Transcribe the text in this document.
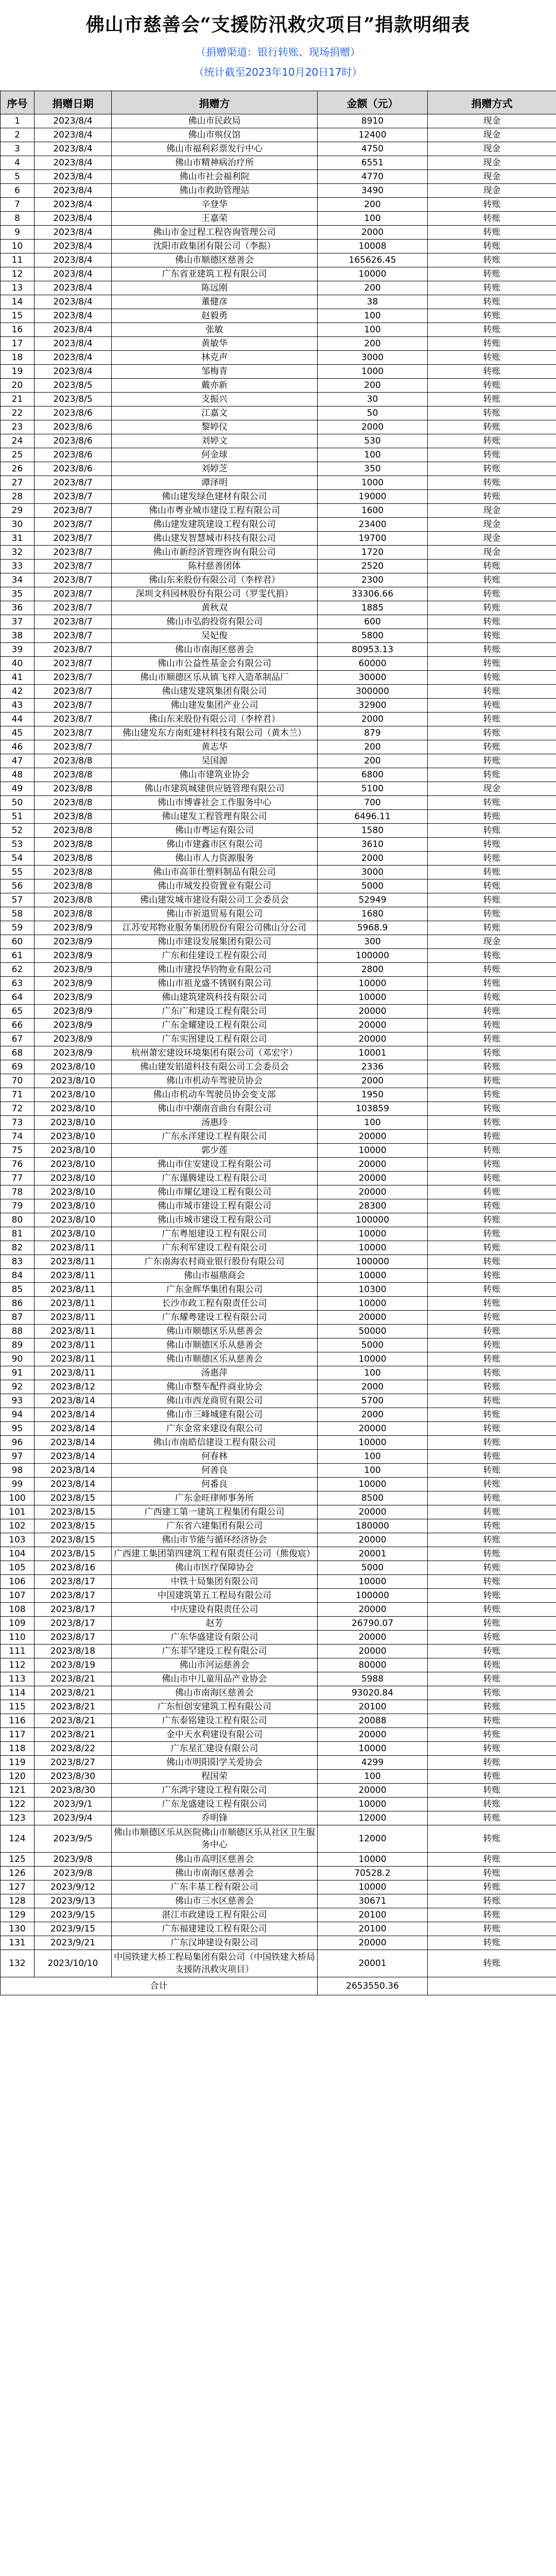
佛山市慈善会“支援防汛救灾项目”捐款明细表
（捐赠渠道：银行转账、现场捐赠）
（统计截至2023年10月20日17时）
序号	捐赠日期	捐赠方	金额（元）	捐赠方式
1	2023/8/4	佛山市民政局	8910	现金
2	2023/8/4	佛山市殡仪馆	12400	现金
3	2023/8/4	佛山市福利彩票发行中心	4750	现金
4	2023/8/4	佛山市精神病治疗所	6551	现金
5	2023/8/4	佛山市社会福利院	4770	现金
6	2023/8/4	佛山市救助管理站	3490	现金
7	2023/8/4	辛登华	200	转账
8	2023/8/4	王嘉荣	100	转账
9	2023/8/4	佛山市金过程工程咨询管理公司	2000	转账
10	2023/8/4	沈阳市政集团有限公司（李振）	10008	转账
11	2023/8/4	佛山市顺德区慈善会	165626.45	转账
12	2023/8/4	广东省亚建筑工程有限公司	10000	转账
13	2023/8/4	陈远刚	200	转账
14	2023/8/4	董健彦	38	转账
15	2023/8/4	赵毅勇	100	转账
16	2023/8/4	张敏	100	转账
17	2023/8/4	黄敏华	200	转账
18	2023/8/4	林克声	3000	转账
19	2023/8/4	邹梅青	1000	转账
20	2023/8/5	戴亦新	200	转账
21	2023/8/5	支振兴	30	转账
22	2023/8/6	江嘉文	50	转账
23	2023/8/6	黎婷仪	2000	转账
24	2023/8/6	刘婷文	530	转账
25	2023/8/6	何金球	100	转账
26	2023/8/6	刘婷芝	350	转账
27	2023/8/7	谭泽明	1000	转账
28	2023/8/7	佛山建发绿色建材有限公司	19000	转账
29	2023/8/7	佛山市粤业城市建设工程有限公司	1600	现金
30	2023/8/7	佛山建发建筑建设工程有限公司	23400	现金
31	2023/8/7	佛山建发智慧城市科技有限公司	19700	现金
32	2023/8/7	佛山市新经济管理咨询有限公司	1720	现金
33	2023/8/7	陈村慈善团体	2520	转账
34	2023/8/7	佛山东来股份有限公司（李梓君）	2300	转账
35	2023/8/7	深圳文科园林股份有限公司（罗雯代捐）	33306.66	转账
36	2023/8/7	黄秋双	1885	转账
37	2023/8/7	佛山市弘韵投资有限公司	600	转账
38	2023/8/7	吴妃俊	5800	转账
39	2023/8/7	佛山市南海区慈善会	80953.13	转账
40	2023/8/7	佛山市公益性基金会有限公司	60000	转账
41	2023/8/7	佛山市顺德区乐从镇飞祥入造革制品厂	30000	转账
42	2023/8/7	佛山建发建筑集团有限公司	300000	转账
43	2023/8/7	佛山建发集团产业公司	32900	转账
44	2023/8/7	佛山东来股份有限公司（李梓君）	2000	转账
45	2023/8/7	佛山建发东方南虹建材科技有限公司（黄木兰）	879	转账
46	2023/8/7	黄志华	200	转账
47	2023/8/8	吴国源	200	转账
48	2023/8/8	佛山市建筑业协会	6800	转账
49	2023/8/8	佛山市建筑城建供应链管理有限公司	5100	现金
50	2023/8/8	佛山市博睿社会工作服务中心	700	转账
51	2023/8/8	佛山建发工程管理有限公司	6496.11	转账
52	2023/8/8	佛山市粤运有限公司	1580	转账
53	2023/8/8	佛山市建鑫市区有限公司	3610	转账
54	2023/8/8	佛山市人力资源服务	2000	转账
55	2023/8/8	佛山市高菲仕塑料制品有限公司	3000	转账
56	2023/8/8	佛山市城发投资置业有限公司	5000	转账
57	2023/8/8	佛山建发城市建设有限公司工会委员会	52949	转账
58	2023/8/8	佛山市祈道贸易有限公司	1680	转账
59	2023/8/9	江苏安邦物业服务集团股份有限公司佛山分公司	5968.9	转账
60	2023/8/9	佛山市建设发展集团有限公司	300	现金
61	2023/8/9	广东和佳建设工程有限公司	100000	转账
62	2023/8/9	佛山市建投华钧物业有限公司	2800	转账
63	2023/8/9	佛山市祖龙盛不锈钢有限公司	10000	转账
64	2023/8/9	佛山建筑建筑科技有限公司	10000	转账
65	2023/8/9	广东广和建设工程有限公司	20000	转账
66	2023/8/9	广东金耀建设工程有限公司	20000	转账
67	2023/8/9	广东实图建设工程有限公司	20000	转账
68	2023/8/9	杭州萧宏建设环境集团有限公司（邓宏宇）	10001	转账
69	2023/8/10	佛山建发铝道科技有限公司工会委员会	2336	转账
70	2023/8/10	佛山市机动车驾驶员协会	2000	转账
71	2023/8/10	佛山市机动车驾驶员协会变支部	1950	转账
72	2023/8/10	佛山市中潮南音曲台有限公司	103859	转账
73	2023/8/10	汤惠玲	100	转账
74	2023/8/10	广东永洋建设工程有限公司	20000	转账
75	2023/8/10	郭少莲	10000	转账
76	2023/8/10	佛山市住安建设工程有限公司	20000	转账
77	2023/8/10	广东谨腾建设工程有限公司	20000	转账
78	2023/8/10	佛山市耀亿建设工程有限公司	20000	转账
79	2023/8/10	佛山市城市建设工程有限公司	28300	转账
80	2023/8/10	佛山市城市建设工程有限公司	100000	转账
81	2023/8/10	广东粤旭建设工程有限公司	10000	转账
82	2023/8/11	广东利军建设工程有限公司	10000	转账
83	2023/8/11	广东南海农村商业银行股份有限公司	100000	转账
84	2023/8/11	佛山市福鼎商会	10000	转账
85	2023/8/11	广东金辉华集团有限公司	10300	转账
86	2023/8/11	长沙市政工程有限责任公司	10000	转账
87	2023/8/11	广东耀粤建设工程有限公司	20000	转账
88	2023/8/11	佛山市顺德区乐从慈善会	50000	转账
89	2023/8/11	佛山市顺德区乐从慈善会	5000	转账
90	2023/8/11	佛山市顺德区乐从慈善会	10000	转账
91	2023/8/11	汤惠萍	100	转账
92	2023/8/12	佛山市整车配件商业协会	2000	转账
93	2023/8/14	佛山市西龙商贸有限公司	5700	转账
94	2023/8/14	佛山市三峰城建有限公司	2000	转账
95	2023/8/14	广东金常来建设有限公司	20000	转账
96	2023/8/14	佛山市南皓信建设工程有限公司	10000	转账
97	2023/8/14	何春林	100	转账
98	2023/8/14	何善良	100	转账
99	2023/8/14	何番良	10000	转账
100	2023/8/15	广东金旺律师事务所	8500	转账
101	2023/8/15	广西建工第一建筑工程集团有限公司	20000	转账
102	2023/8/15	广东省六建集团有限公司	180000	转账
103	2023/8/15	佛山市节能与循环经济协会	20000	转账
104	2023/8/15	广西建工集团第四建筑工程有限责任公司（熊俊宸）	20001	转账
105	2023/8/16	佛山市医疗保障协会	5000	转账
106	2023/8/17	中铁十局集团有限公司	10000	转账
107	2023/8/17	中国建筑第五工程局有限公司	100000	转账
108	2023/8/17	中庆建设有限责任公司	20000	转账
109	2023/8/17	赵芳	26790.07	转账
110	2023/8/17	广东华盛建设有限公司	20000	转账
111	2023/8/18	广东菲罕建设工程有限公司	20000	转账
112	2023/8/19	佛山市河运慈善会	80000	转账
113	2023/8/21	佛山市中儿童用品产业协会	5988	转账
114	2023/8/21	佛山市南海区慈善会	93020.84	转账
115	2023/8/21	广东恒创安建筑工程有限公司	20100	转账
116	2023/8/21	广东泰铭建设工程有限公司	20088	转账
117	2023/8/21	金中天水利建设有限公司	20000	转账
118	2023/8/22	广东星汇建设有限公司	10000	转账
119	2023/8/27	佛山市明阳阳学关爱协会	4299	转账
120	2023/8/30	程国荣	100	转账
121	2023/8/30	广东鸿宇建设工程有限公司	20000	转账
122	2023/9/1	广东龙盛建设工程有限公司	10000	转账
123	2023/9/4	乔明锋	12000	转账
124	2023/9/5	佛山市顺德区乐从医院佛山市顺德区乐从社区卫生服务中心	12000	转账
125	2023/9/8	佛山市高明区慈善会	10000	转账
126	2023/9/8	佛山市南海区慈善会	70528.2	转账
127	2023/9/12	广东丰基工程有限公司	10000	转账
128	2023/9/13	佛山市三水区慈善会	30671	转账
129	2023/9/15	湛江市政建设工程有限公司	20100	转账
130	2023/9/15	广东福建建设工程有限公司	20100	转账
131	2023/9/21	广东汉坤建设有限公司	20000	转账
132	2023/10/10	中国铁建大桥工程局集团有限公司（中国铁建大桥局 支援防汛救灾项目）	20001	转账
合计			2653550.36	
